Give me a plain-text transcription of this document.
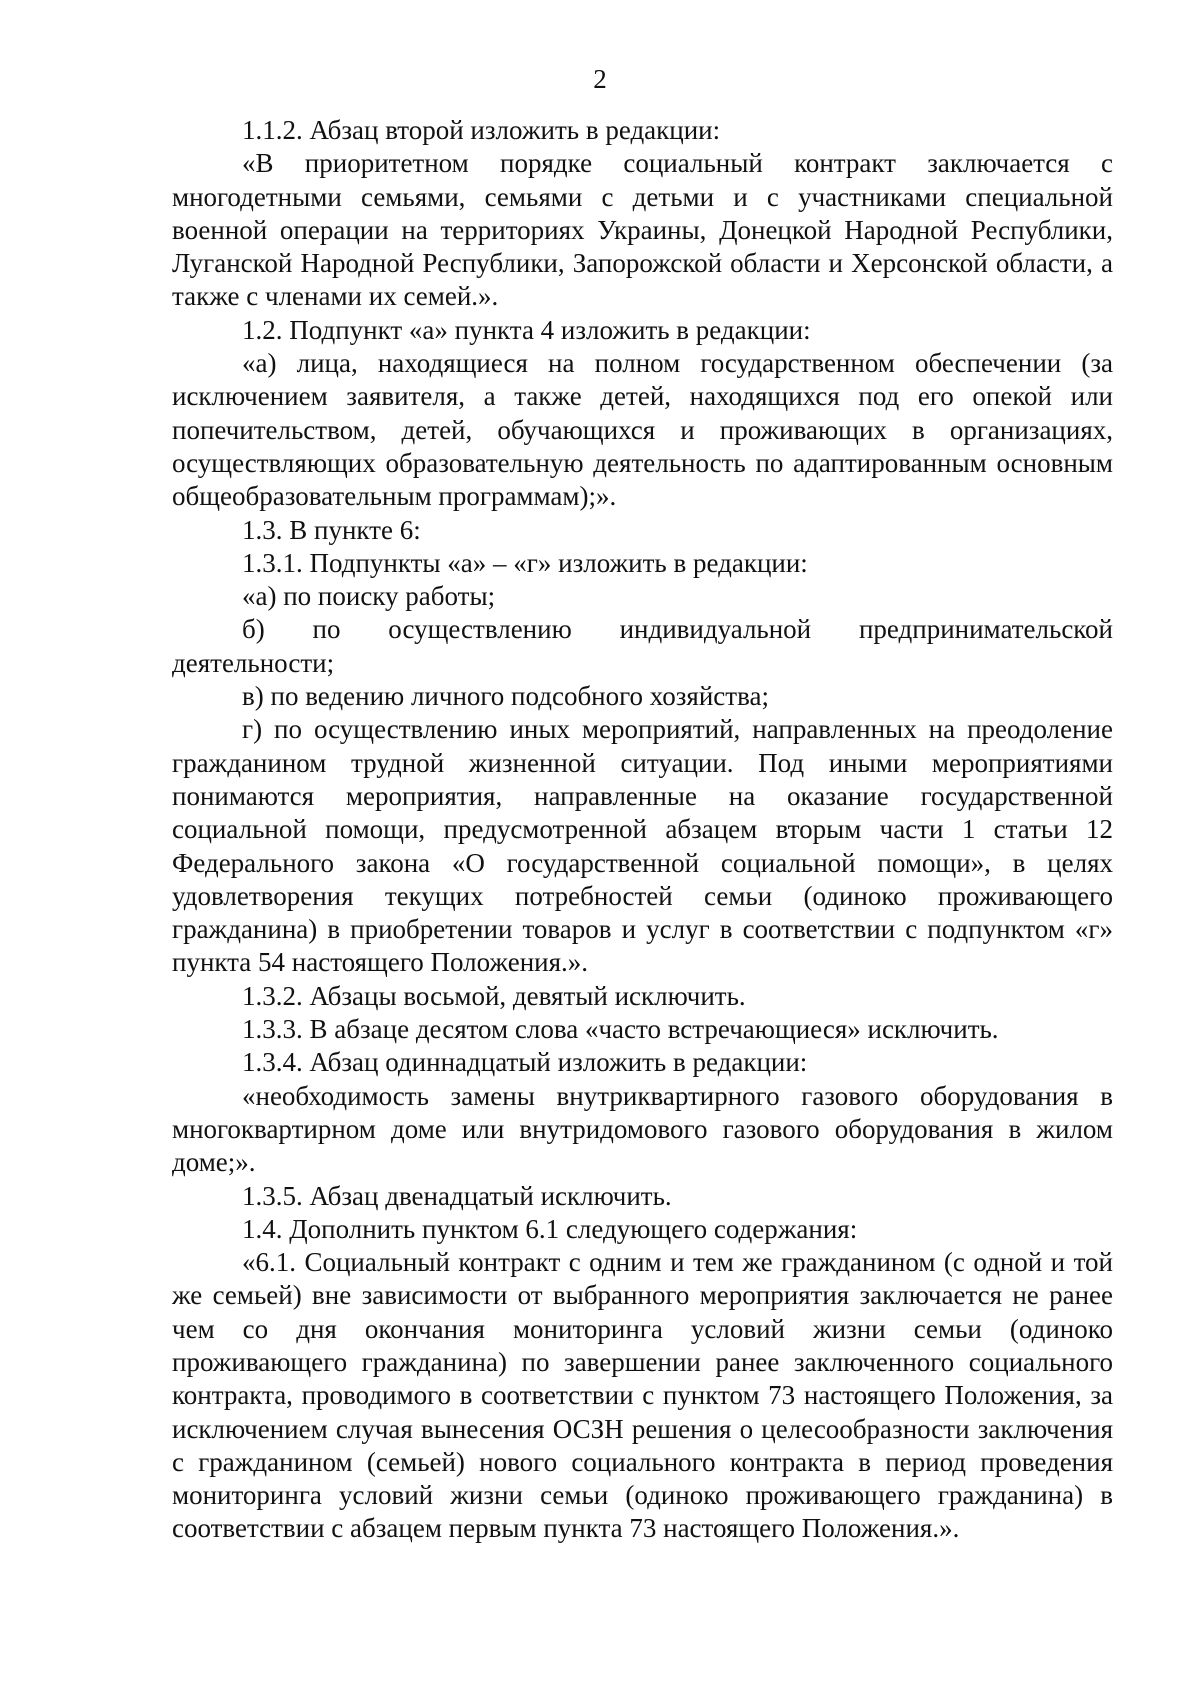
2

1.1.2. Абзац второй изложить в редакции:

«В приоритетном порядке социальный контракт заключается с многодетными семьями, семьями с детьми и с участниками специальной военной операции на территориях Украины, Донецкой Народной Республики, Луганской Народной Республики, Запорожской области и Херсонской области, а также с членами их семей.».

1.2. Подпункт «а» пункта 4 изложить в редакции:

«а) лица, находящиеся на полном государственном обеспечении (за исключением заявителя, а также детей, находящихся под его опекой или попечительством, детей, обучающихся и проживающих в организациях, осуществляющих образовательную деятельность по адаптированным основным общеобразовательным программам);».

1.3. В пункте 6:

1.3.1. Подпункты «а» – «г» изложить в редакции:

«а) по поиску работы;

б) по осуществлению индивидуальной предпринимательской деятельности;

в) по ведению личного подсобного хозяйства;

г) по осуществлению иных мероприятий, направленных на преодоление гражданином трудной жизненной ситуации. Под иными мероприятиями понимаются мероприятия, направленные на оказание государственной социальной помощи, предусмотренной абзацем вторым части 1 статьи 12 Федерального закона «О государственной социальной помощи», в целях удовлетворения текущих потребностей семьи (одиноко проживающего гражданина) в приобретении товаров и услуг в соответствии с подпунктом «г» пункта 54 настоящего Положения.».

1.3.2. Абзацы восьмой, девятый исключить.

1.3.3. В абзаце десятом слова «часто встречающиеся» исключить.

1.3.4. Абзац одиннадцатый изложить в редакции:

«необходимость замены внутриквартирного газового оборудования в многоквартирном доме или внутридомового газового оборудования в жилом доме;».

1.3.5. Абзац двенадцатый исключить.

1.4. Дополнить пунктом 6.1 следующего содержания:

«6.1. Социальный контракт с одним и тем же гражданином (с одной и той же семьей) вне зависимости от выбранного мероприятия заключается не ранее чем со дня окончания мониторинга условий жизни семьи (одиноко проживающего гражданина) по завершении ранее заключенного социального контракта, проводимого в соответствии с пунктом 73 настоящего Положения, за исключением случая вынесения ОСЗН решения о целесообразности заключения с гражданином (семьей) нового социального контракта в период проведения мониторинга условий жизни семьи (одиноко проживающего гражданина) в соответствии с абзацем первым пункта 73 настоящего Положения.».
